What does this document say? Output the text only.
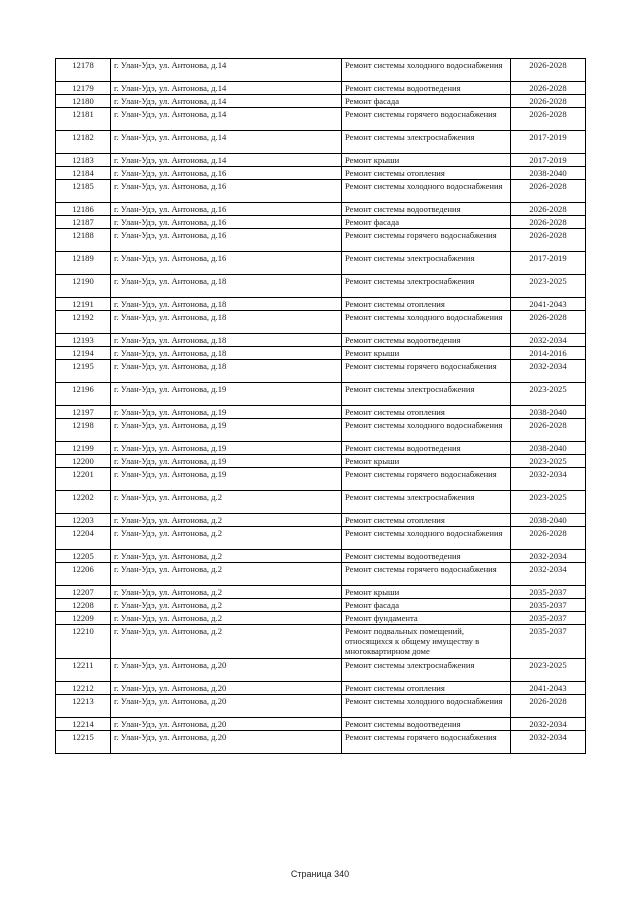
12178	г. Улан-Удэ, ул. Антонова, д.14	Ремонт системы холодного водоснабжения	2026-2028
12179	г. Улан-Удэ, ул. Антонова, д.14	Ремонт системы водоотведения	2026-2028
12180	г. Улан-Удэ, ул. Антонова, д.14	Ремонт фасада	2026-2028
12181	г. Улан-Удэ, ул. Антонова, д.14	Ремонт системы горячего водоснабжения	2026-2028
12182	г. Улан-Удэ, ул. Антонова, д.14	Ремонт системы электроснабжения	2017-2019
12183	г. Улан-Удэ, ул. Антонова, д.14	Ремонт крыши	2017-2019
12184	г. Улан-Удэ, ул. Антонова, д.16	Ремонт системы отопления	2038-2040
12185	г. Улан-Удэ, ул. Антонова, д.16	Ремонт системы холодного водоснабжения	2026-2028
12186	г. Улан-Удэ, ул. Антонова, д.16	Ремонт системы водоотведения	2026-2028
12187	г. Улан-Удэ, ул. Антонова, д.16	Ремонт фасада	2026-2028
12188	г. Улан-Удэ, ул. Антонова, д.16	Ремонт системы горячего водоснабжения	2026-2028
12189	г. Улан-Удэ, ул. Антонова, д.16	Ремонт системы электроснабжения	2017-2019
12190	г. Улан-Удэ, ул. Антонова, д.18	Ремонт системы электроснабжения	2023-2025
12191	г. Улан-Удэ, ул. Антонова, д.18	Ремонт системы отопления	2041-2043
12192	г. Улан-Удэ, ул. Антонова, д.18	Ремонт системы холодного водоснабжения	2026-2028
12193	г. Улан-Удэ, ул. Антонова, д.18	Ремонт системы водоотведения	2032-2034
12194	г. Улан-Удэ, ул. Антонова, д.18	Ремонт крыши	2014-2016
12195	г. Улан-Удэ, ул. Антонова, д.18	Ремонт системы горячего водоснабжения	2032-2034
12196	г. Улан-Удэ, ул. Антонова, д.19	Ремонт системы электроснабжения	2023-2025
12197	г. Улан-Удэ, ул. Антонова, д.19	Ремонт системы отопления	2038-2040
12198	г. Улан-Удэ, ул. Антонова, д.19	Ремонт системы холодного водоснабжения	2026-2028
12199	г. Улан-Удэ, ул. Антонова, д.19	Ремонт системы водоотведения	2038-2040
12200	г. Улан-Удэ, ул. Антонова, д.19	Ремонт крыши	2023-2025
12201	г. Улан-Удэ, ул. Антонова, д.19	Ремонт системы горячего водоснабжения	2032-2034
12202	г. Улан-Удэ, ул. Антонова, д.2	Ремонт системы электроснабжения	2023-2025
12203	г. Улан-Удэ, ул. Антонова, д.2	Ремонт системы отопления	2038-2040
12204	г. Улан-Удэ, ул. Антонова, д.2	Ремонт системы холодного водоснабжения	2026-2028
12205	г. Улан-Удэ, ул. Антонова, д.2	Ремонт системы водоотведения	2032-2034
12206	г. Улан-Удэ, ул. Антонова, д.2	Ремонт системы горячего водоснабжения	2032-2034
12207	г. Улан-Удэ, ул. Антонова, д.2	Ремонт крыши	2035-2037
12208	г. Улан-Удэ, ул. Антонова, д.2	Ремонт фасада	2035-2037
12209	г. Улан-Удэ, ул. Антонова, д.2	Ремонт фундамента	2035-2037
12210	г. Улан-Удэ, ул. Антонова, д.2	Ремонт подвальных помещений, относящихся к общему имуществу в многоквартирном доме	2035-2037
12211	г. Улан-Удэ, ул. Антонова, д.20	Ремонт системы электроснабжения	2023-2025
12212	г. Улан-Удэ, ул. Антонова, д.20	Ремонт системы отопления	2041-2043
12213	г. Улан-Удэ, ул. Антонова, д.20	Ремонт системы холодного водоснабжения	2026-2028
12214	г. Улан-Удэ, ул. Антонова, д.20	Ремонт системы водоотведения	2032-2034
12215	г. Улан-Удэ, ул. Антонова, д.20	Ремонт системы горячего водоснабжения	2032-2034
Страница 340
